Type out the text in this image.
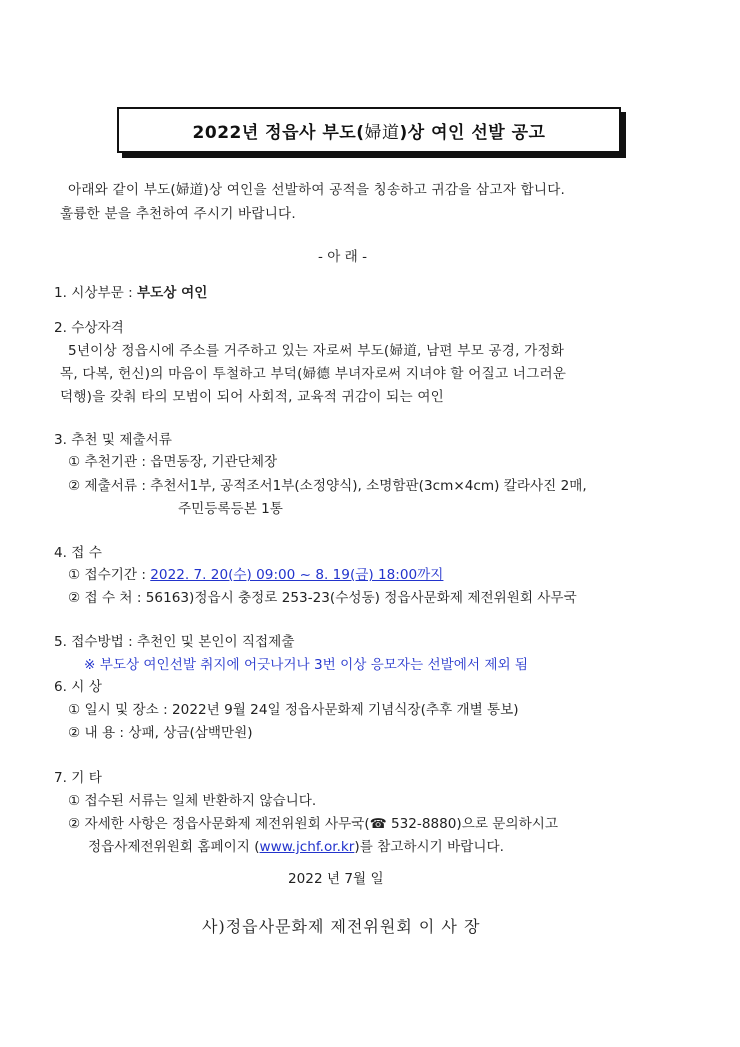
2022년 정읍사 부도( 婦道 )상 여인 선발 공고
아래와 같이 부도(婦道)상 여인을 선발하여 공적을 칭송하고 귀감을 삼고자 합니다.
훌륭한 분을 추천하여 주시기 바랍니다.
- 아 래 -
1. 시상부문 : 부도상 여인
2. 수상자격
5년이상 정읍시에 주소를 거주하고 있는 자로써 부도(婦道, 남편 부모 공경, 가정화
목, 다복, 헌신)의 마음이 투철하고 부덕(婦德 부녀자로써 지녀야 할 어질고 너그러운
덕행)을 갖춰 타의 모범이 되어 사회적, 교육적 귀감이 되는 여인
3. 추천 및 제출서류
① 추천기관 : 읍면동장, 기관단체장
② 제출서류 : 추천서1부, 공적조서1부(소정양식), 소명함판(3cm×4cm) 칼라사진 2매,
주민등록등본 1통
4. 접 수
① 접수기간 : 2022. 7. 20(수) 09:00 ~ 8. 19(금) 18:00까지
② 접 수 처 : 56163)정읍시 충정로 253-23(수성동) 정읍사문화제 제전위원회 사무국
5. 접수방법 : 추천인 및 본인이 직접제출
※ 부도상 여인선발 취지에 어긋나거나 3번 이상 응모자는 선발에서 제외 됨
6. 시 상
① 일시 및 장소 : 2022년 9월 24일 정읍사문화제 기념식장(추후 개별 통보)
② 내 용 : 상패, 상금(삼백만원)
7. 기 타
① 접수된 서류는 일체 반환하지 않습니다.
② 자세한 사항은 정읍사문화제 제전위원회 사무국(☎ 532-8880)으로 문의하시고
정읍사제전위원회 홈페이지 (www.jchf.or.kr)를 참고하시기 바랍니다.
2022 년 7월 일
사)정읍사문화제 제전위원회 이 사 장
